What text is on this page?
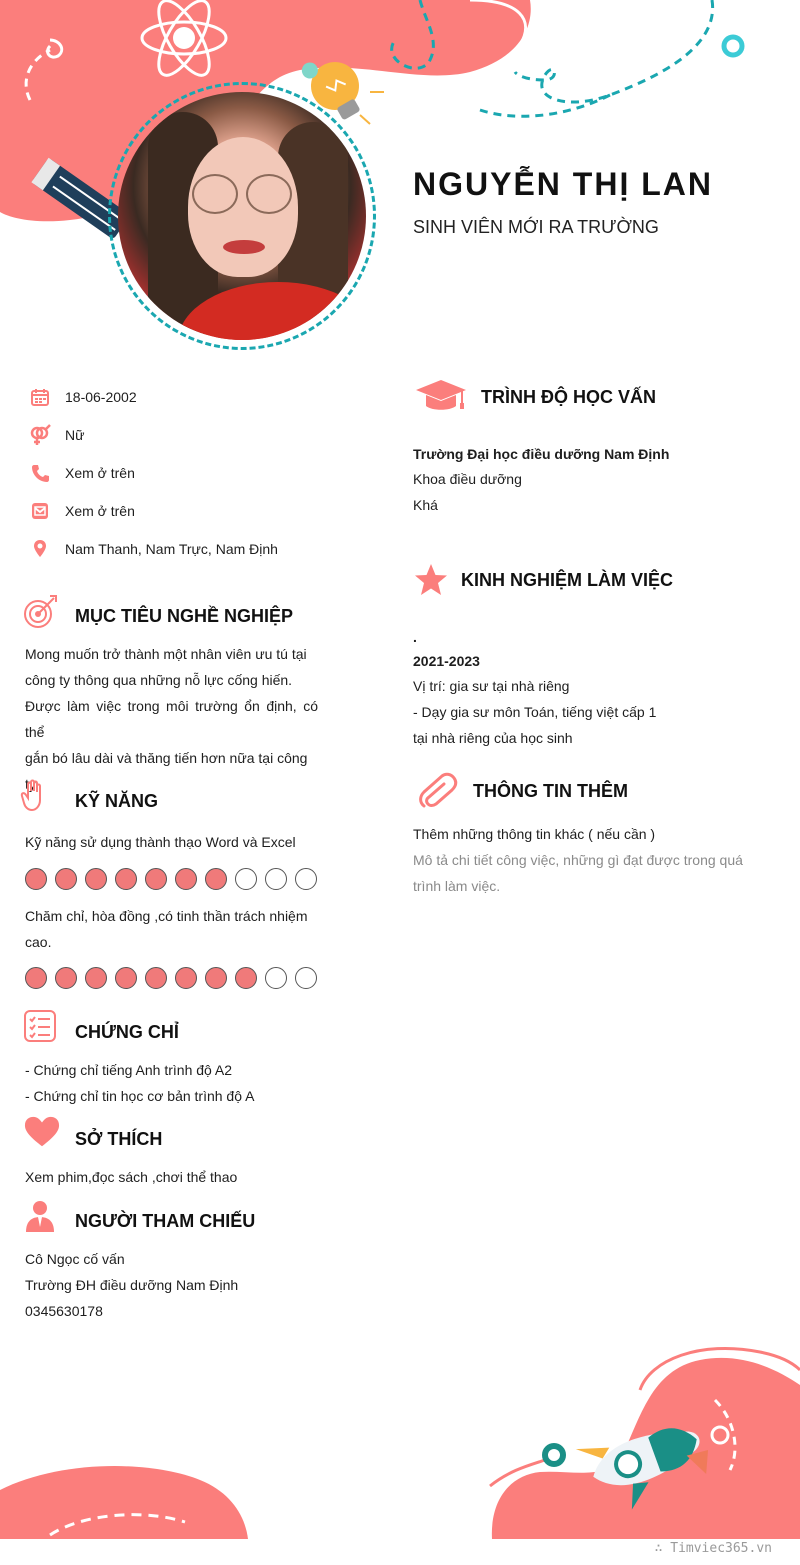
NGUYỄN THỊ LAN
SINH VIÊN MỚI RA TRƯỜNG
18-06-2002
Nữ
Xem ở trên
Xem ở trên
Nam Thanh, Nam Trực, Nam Định
MỤC TIÊU NGHỀ NGHIỆP
Mong muốn trở thành một nhân viên ưu tú tại
công ty thông qua những nỗ lực cống hiến.
Được làm việc trong môi trường ổn định, có thể
gắn bó lâu dài và thăng tiến hơn nữa tại công
ty.
KỸ NĂNG
Kỹ năng sử dụng thành thạo Word và Excel
Chăm chỉ, hòa đồng ,có tinh thần trách nhiệm
cao.
CHỨNG CHỈ
- Chứng chỉ tiếng Anh trình độ A2
- Chứng chỉ tin học cơ bản trình độ A
SỞ THÍCH
Xem phim,đọc sách ,chơi thể thao
NGƯỜI THAM CHIẾU
Cô Ngọc cố vấn
Trường ĐH điều dưỡng Nam Định
0345630178
TRÌNH ĐỘ HỌC VẤN
Trường Đại học điều dưỡng Nam Định
Khoa điều dưỡng
Khá
KINH NGHIỆM LÀM VIỆC
.
2021-2023
Vị trí: gia sư tại nhà riêng
- Dạy gia sư môn Toán, tiếng việt cấp 1
tại nhà riêng của học sinh
THÔNG TIN THÊM
Thêm những thông tin khác ( nếu cần )
Mô tả chi tiết công việc, những gì đạt được trong quá
trình làm việc.
∴ Timviec365.vn
